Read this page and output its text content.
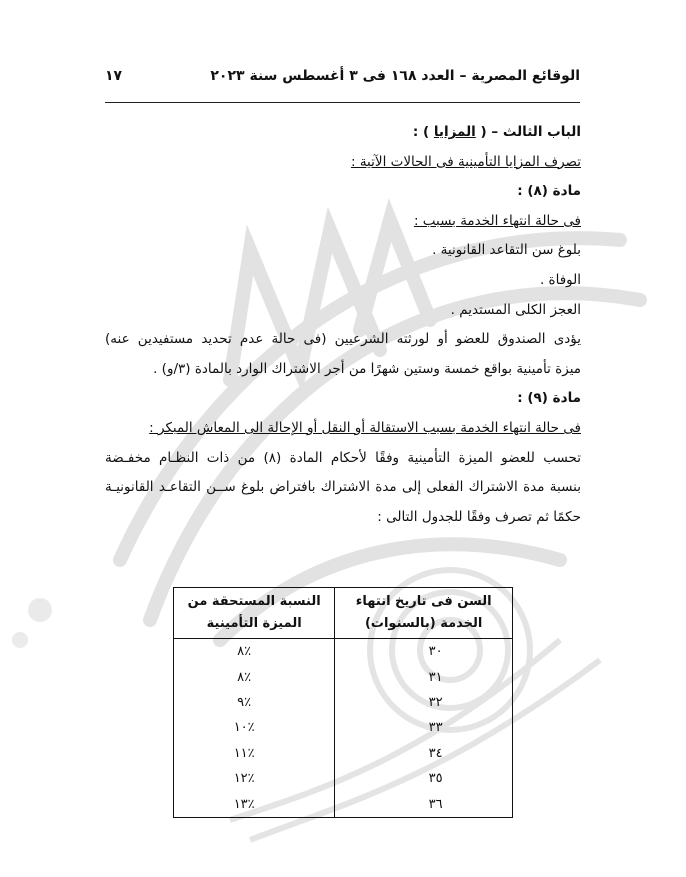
الوقائع المصرية – العدد ١٦٨ فى ٣ أغسطس سنة ٢٠٢٣
١٧

الباب الثالث – ( المزايا ) :

تصرف المزايا التأمينية فى الحالات الآتية :

مادة (٨) :

فى حالة انتهاء الخدمة بسبب :

بلوغ سن التقاعد القانونية .

الوفاة .

العجز الكلى المستديم .

يؤدى الصندوق للعضو أو لورثته الشرعيين (فى حالة عدم تحديد مستفيدين عنه)

ميزة تأمينية بواقع خمسة وستين شهرًا من أجر الاشتراك الوارد بالمادة (٣/و) .

مادة (٩) :

فى حالة انتهاء الخدمة بسبب الاستقالة أو النقل أو الإحالة الى المعاش المبكر :

تحسب للعضو الميزة التأمينية وفقًا لأحكام المادة (٨) من ذات النظـام مخفـضة

بنسبة مدة الاشتراك الفعلى إلى مدة الاشتراك بافتراض بلوغ ســن التقاعـد القانونيـة

حكمًا ثم تصرف وفقًا للجدول التالى :

السن فى تاريخ انتهاء الخدمة (بالسنوات)	النسبة المستحقة من الميزة التأمينية
٣٠	٪٨
٣١	٪٨
٣٢	٪٩
٣٣	٪١٠
٣٤	٪١١
٣٥	٪١٢
٣٦	٪١٣
